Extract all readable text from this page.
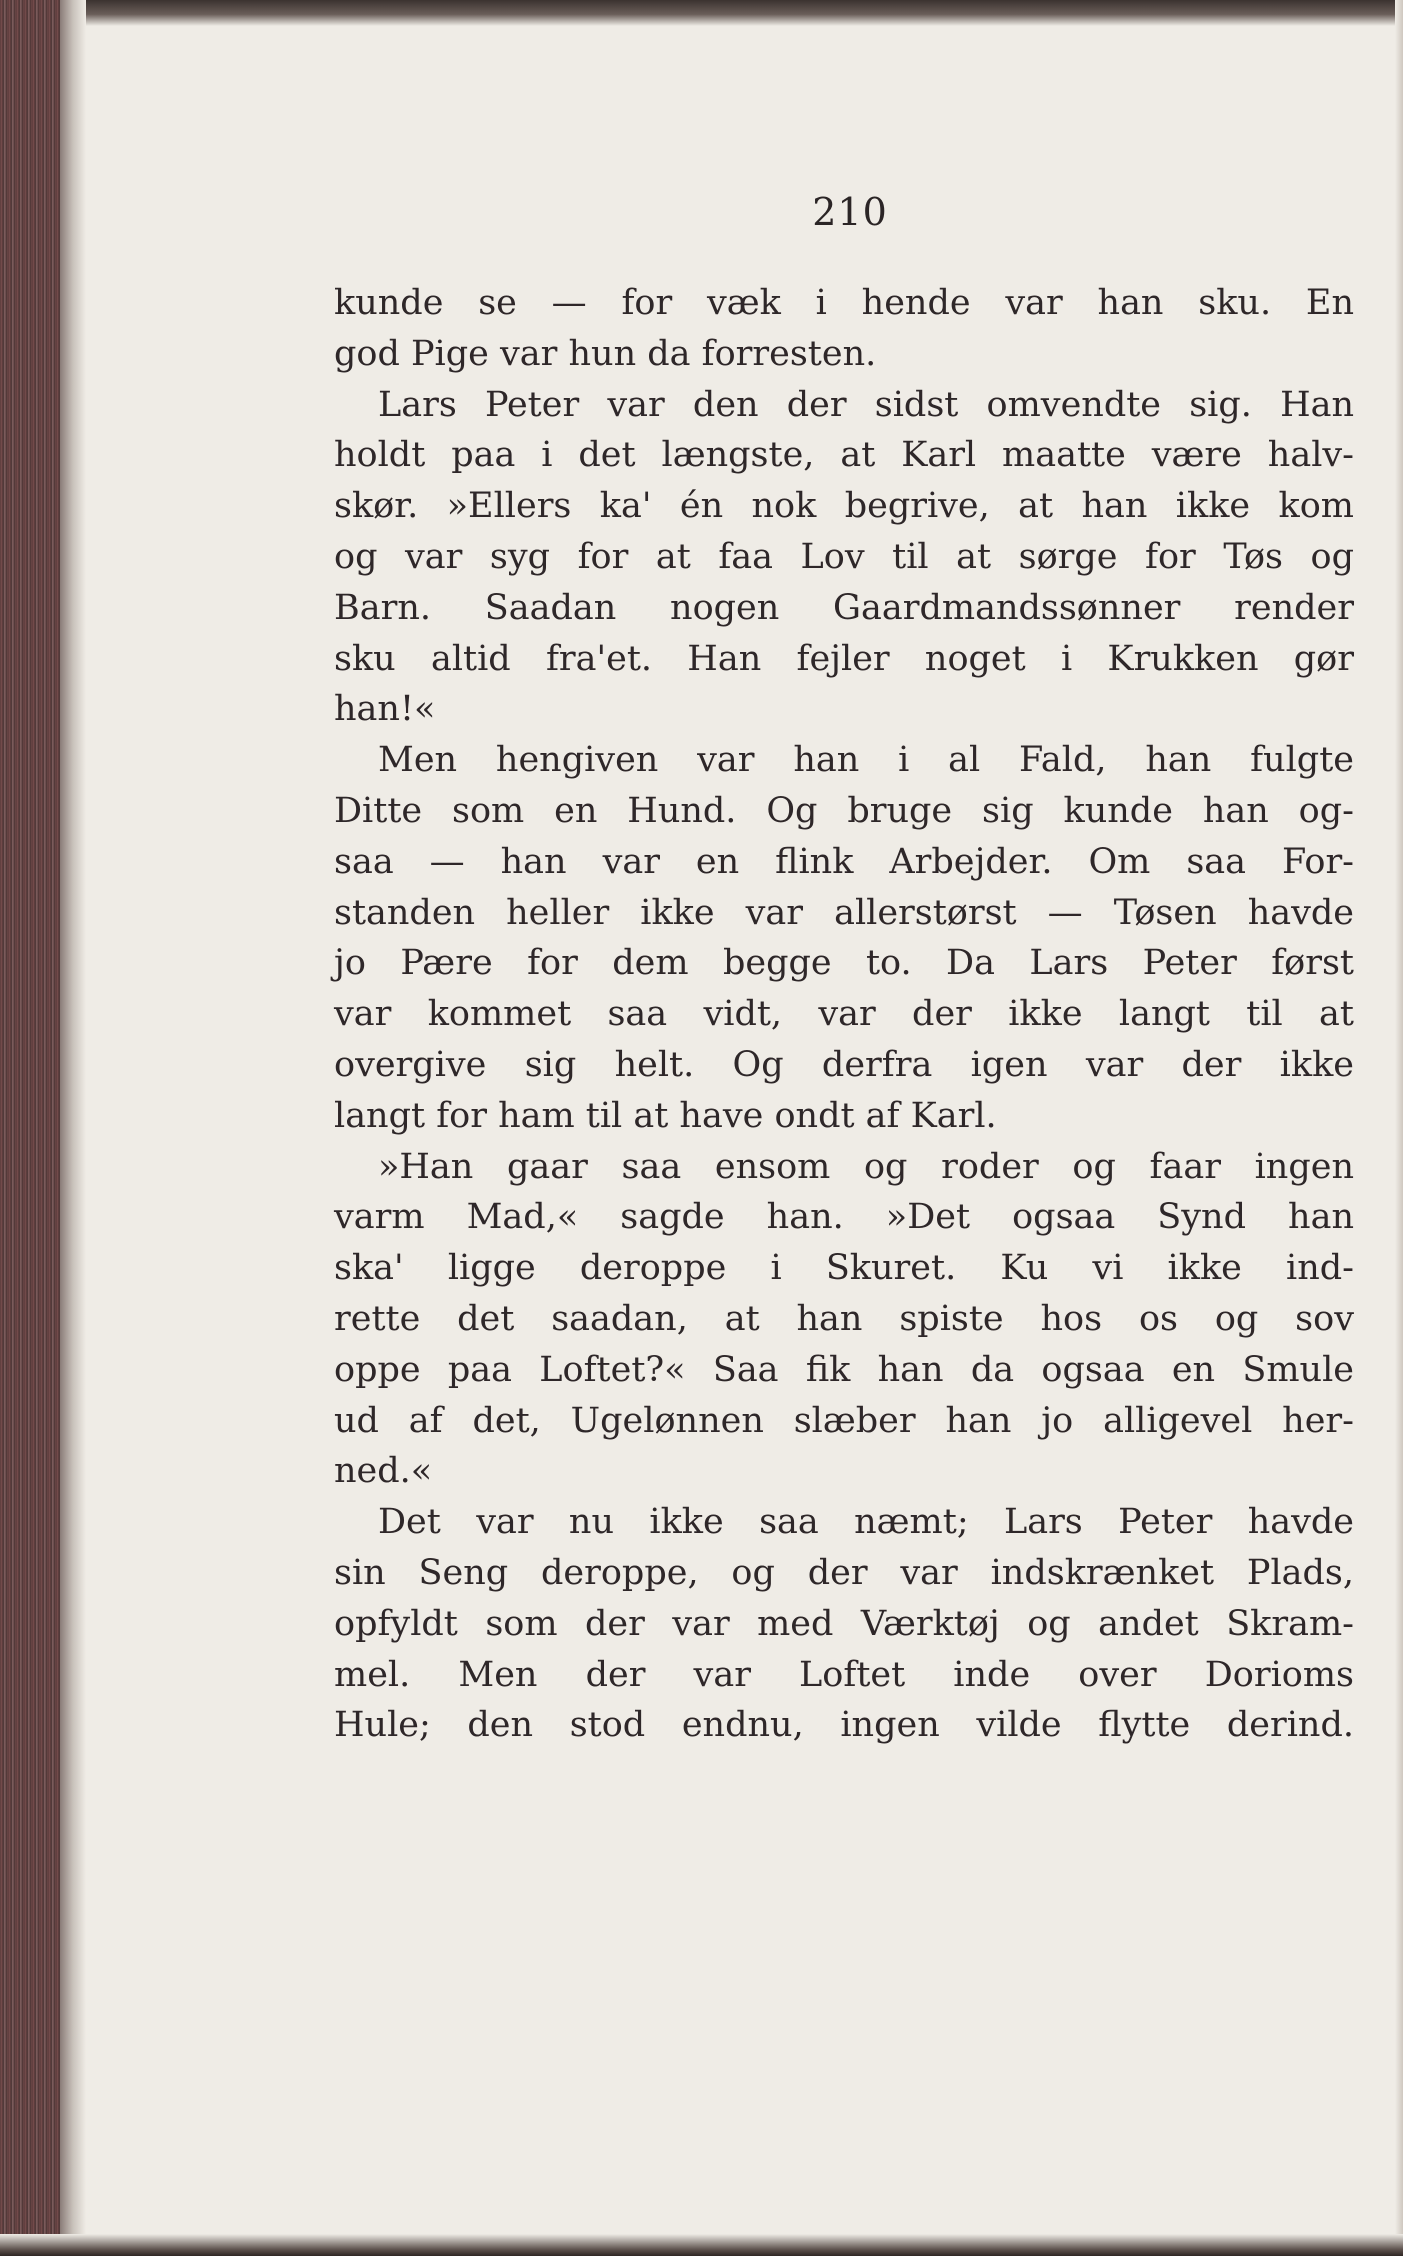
210
kunde se — for væk i hende var han sku. En
god Pige var hun da forresten.
Lars Peter var den der sidst omvendte sig. Han
holdt paa i det længste, at Karl maatte være halv-
skør. »Ellers ka' én nok begrive, at han ikke kom
og var syg for at faa Lov til at sørge for Tøs og
Barn. Saadan nogen Gaardmandssønner render
sku altid fra'et. Han fejler noget i Krukken gør
han!«
Men hengiven var han i al Fald, han fulgte
Ditte som en Hund. Og bruge sig kunde han og-
saa — han var en flink Arbejder. Om saa For-
standen heller ikke var allerstørst — Tøsen havde
jo Pære for dem begge to. Da Lars Peter først
var kommet saa vidt, var der ikke langt til at
overgive sig helt. Og derfra igen var der ikke
langt for ham til at have ondt af Karl.
»Han gaar saa ensom og roder og faar ingen
varm Mad,« sagde han. »Det ogsaa Synd han
ska' ligge deroppe i Skuret. Ku vi ikke ind-
rette det saadan, at han spiste hos os og sov
oppe paa Loftet?« Saa fik han da ogsaa en Smule
ud af det, Ugelønnen slæber han jo alligevel her-
ned.«
Det var nu ikke saa næmt; Lars Peter havde
sin Seng deroppe, og der var indskrænket Plads,
opfyldt som der var med Værktøj og andet Skram-
mel. Men der var Loftet inde over Dorioms
Hule; den stod endnu, ingen vilde flytte derind.
